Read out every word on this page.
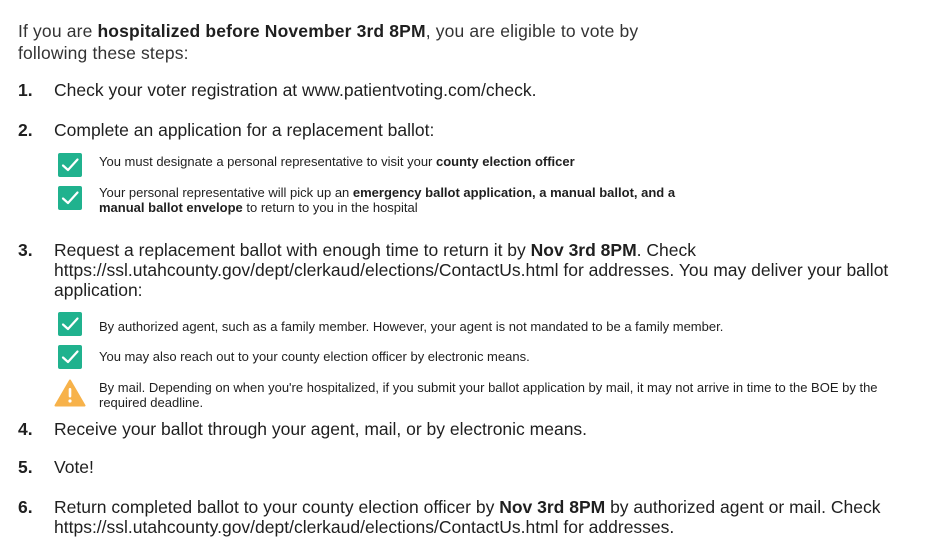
If you are hospitalized before November 3rd 8PM, you are eligible to vote by following these steps:

1.	Check your voter registration at www.patientvoting.com/check.
2.	Complete an application for a replacement ballot:
You must designate a personal representative to visit your county election officer
Your personal representative will pick up an emergency ballot application, a manual ballot, and a manual ballot envelope to return to you in the hospital
3.	Request a replacement ballot with enough time to return it by Nov 3rd 8PM. Check https://ssl.utahcounty.gov/dept/clerkaud/elections/ContactUs.html for addresses. You may deliver your ballot application:
By authorized agent, such as a family member. However, your agent is not mandated to be a family member.
You may also reach out to your county election officer by electronic means.
By mail. Depending on when you're hospitalized, if you submit your ballot application by mail, it may not arrive in time to the BOE by the required deadline.
4.	Receive your ballot through your agent, mail, or by electronic means.
5.	Vote!
6.	Return completed ballot to your county election officer by Nov 3rd 8PM by authorized agent or mail. Check https://ssl.utahcounty.gov/dept/clerkaud/elections/ContactUs.html for addresses.
